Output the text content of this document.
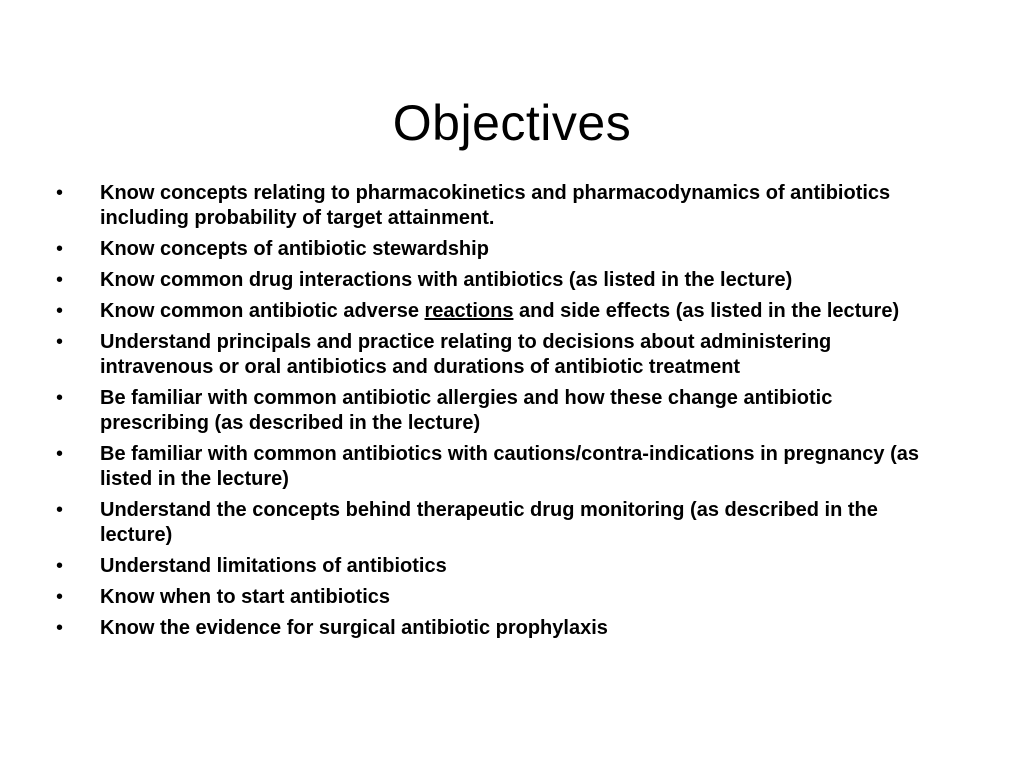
Objectives
•	Know concepts relating to pharmacokinetics and pharmacodynamics of antibiotics including probability of target attainment.
•	Know concepts of antibiotic stewardship
•	Know common drug interactions with antibiotics (as listed in the lecture)
•	Know common antibiotic adverse reactions and side effects (as listed in the lecture)
•	Understand principals and practice relating to decisions about administering intravenous or oral antibiotics and durations of antibiotic treatment
•	Be familiar with common antibiotic allergies and how these change antibiotic prescribing (as described in the lecture)
•	Be familiar with common antibiotics with cautions/contra-indications in pregnancy (as listed in the lecture)
•	Understand the concepts behind therapeutic drug monitoring (as described in the lecture)
•	Understand limitations of antibiotics
•	Know when to start antibiotics
•	Know the evidence for surgical antibiotic prophylaxis
